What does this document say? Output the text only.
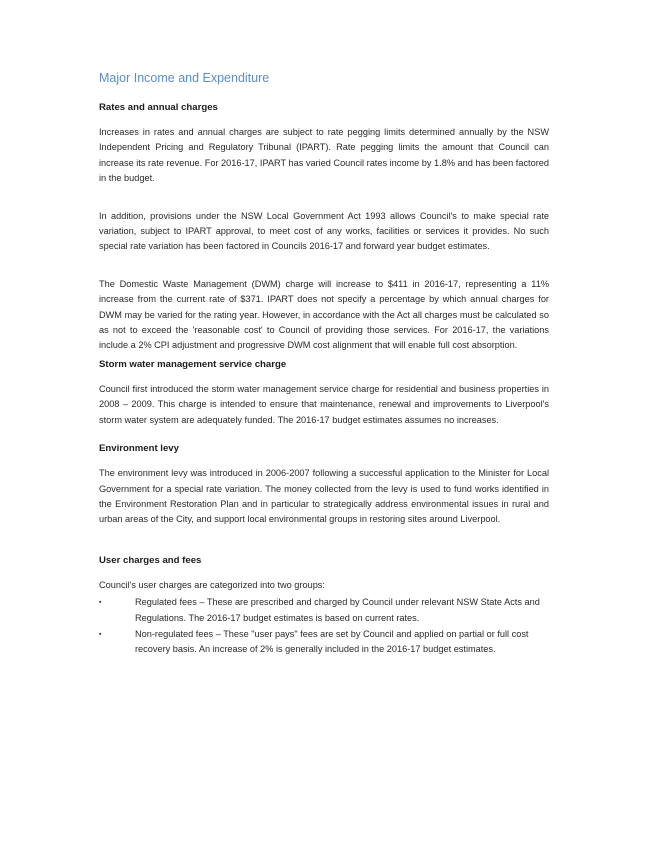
Major Income and Expenditure
Rates and annual charges

Increases in rates and annual charges are subject to rate pegging limits determined annually by the NSW Independent Pricing and Regulatory Tribunal (IPART). Rate pegging limits the amount that Council can increase its rate revenue. For 2016-17, IPART has varied Council rates income by 1.8% and has been factored in the budget.

In addition, provisions under the NSW Local Government Act 1993 allows Council's to make special rate variation, subject to IPART approval, to meet cost of any works, facilities or services it provides. No such special rate variation has been factored in Councils 2016-17 and forward year budget estimates.

The Domestic Waste Management (DWM) charge will increase to $411 in 2016-17, representing a 11% increase from the current rate of $371. IPART does not specify a percentage by which annual charges for DWM may be varied for the rating year. However, in accordance with the Act all charges must be calculated so as not to exceed the 'reasonable cost' to Council of providing those services. For 2016-17, the variations include a 2% CPI adjustment and progressive DWM cost alignment that will enable full cost absorption.

Storm water management service charge

Council first introduced the storm water management service charge for residential and business properties in 2008 – 2009. This charge is intended to ensure that maintenance, renewal and improvements to Liverpool's storm water system are adequately funded. The 2016-17 budget estimates assumes no increases.

Environment levy

The environment levy was introduced in 2006-2007 following a successful application to the Minister for Local Government for a special rate variation. The money collected from the levy is used to fund works identified in the Environment Restoration Plan and in particular to strategically address environmental issues in rural and urban areas of the City, and support local environmental groups in restoring sites around Liverpool.

User charges and fees

Council's user charges are categorized into two groups:

▪	Regulated fees – These are prescribed and charged by Council under relevant NSW State Acts and Regulations. The 2016-17 budget estimates is based on current rates.
▪	Non-regulated fees – These "user pays" fees are set by Council and applied on partial or full cost recovery basis. An increase of 2% is generally included in the 2016-17 budget estimates.
